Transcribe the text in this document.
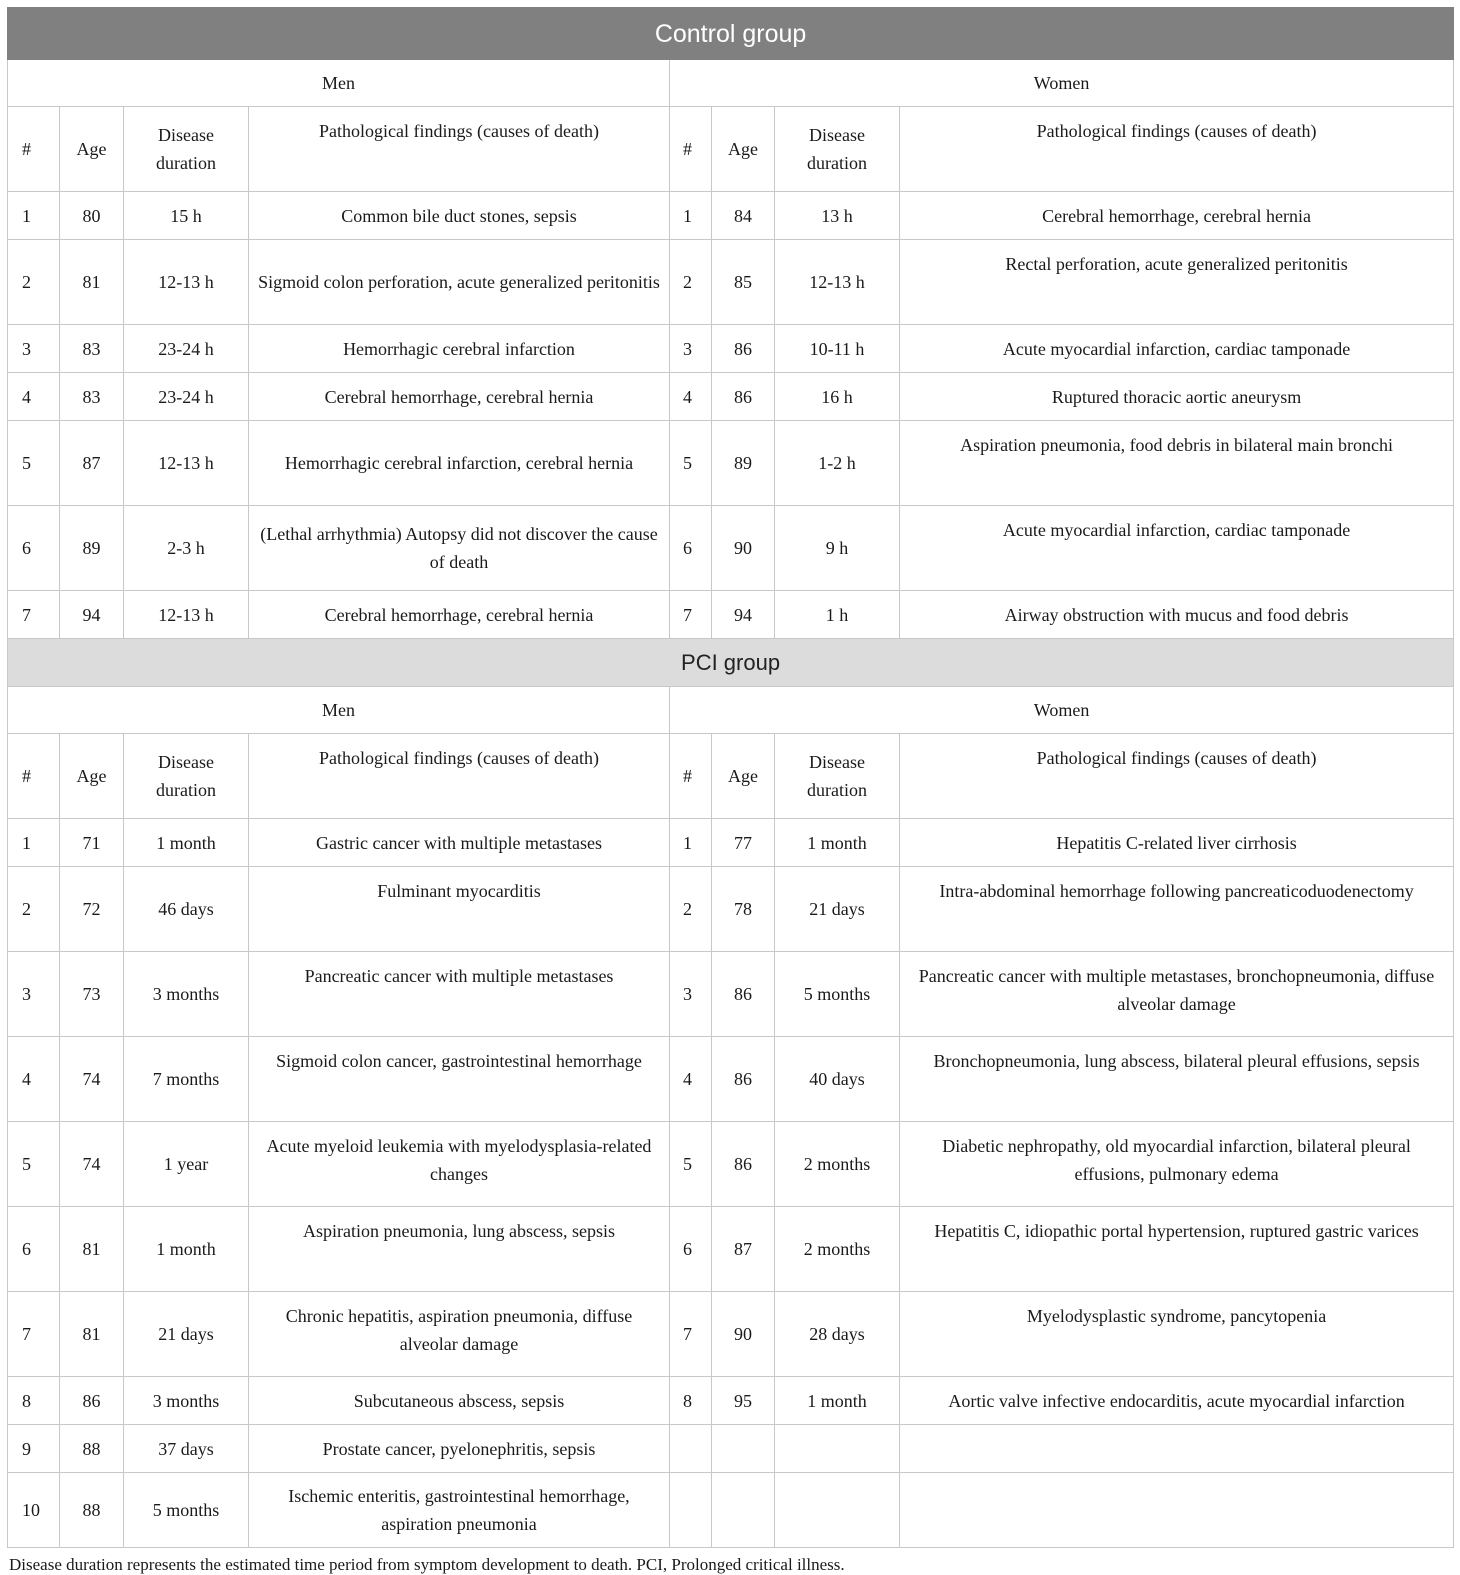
Control group							
Men				Women			
#	Age	Disease duration	Pathological findings (causes of death)	#	Age	Disease duration	Pathological findings (causes of death)
1	80	15 h	Common bile duct stones, sepsis	1	84	13 h	Cerebral hemorrhage, cerebral hernia
2	81	12-13 h	Sigmoid colon perforation, acute generalized peritonitis	2	85	12-13 h	Rectal perforation, acute generalized peritonitis
3	83	23-24 h	Hemorrhagic cerebral infarction	3	86	10-11 h	Acute myocardial infarction, cardiac tamponade
4	83	23-24 h	Cerebral hemorrhage, cerebral hernia	4	86	16 h	Ruptured thoracic aortic aneurysm
5	87	12-13 h	Hemorrhagic cerebral infarction, cerebral hernia	5	89	1-2 h	Aspiration pneumonia, food debris in bilateral main bronchi
6	89	2-3 h	(Lethal arrhythmia) Autopsy did not discover the cause of death	6	90	9 h	Acute myocardial infarction, cardiac tamponade
7	94	12-13 h	Cerebral hemorrhage, cerebral hernia	7	94	1 h	Airway obstruction with mucus and food debris
PCI group							
Men				Women			
#	Age	Disease duration	Pathological findings (causes of death)	#	Age	Disease duration	Pathological findings (causes of death)
1	71	1 month	Gastric cancer with multiple metastases	1	77	1 month	Hepatitis C-related liver cirrhosis
2	72	46 days	Fulminant myocarditis	2	78	21 days	Intra-abdominal hemorrhage following pancreaticoduodenectomy
3	73	3 months	Pancreatic cancer with multiple metastases	3	86	5 months	Pancreatic cancer with multiple metastases, bronchopneumonia, diffuse alveolar damage
4	74	7 months	Sigmoid colon cancer, gastrointestinal hemorrhage	4	86	40 days	Bronchopneumonia, lung abscess, bilateral pleural effusions, sepsis
5	74	1 year	Acute myeloid leukemia with myelodysplasia-related changes	5	86	2 months	Diabetic nephropathy, old myocardial infarction, bilateral pleural effusions, pulmonary edema
6	81	1 month	Aspiration pneumonia, lung abscess, sepsis	6	87	2 months	Hepatitis C, idiopathic portal hypertension, ruptured gastric varices
7	81	21 days	Chronic hepatitis, aspiration pneumonia, diffuse alveolar damage	7	90	28 days	Myelodysplastic syndrome, pancytopenia
8	86	3 months	Subcutaneous abscess, sepsis	8	95	1 month	Aortic valve infective endocarditis, acute myocardial infarction
9	88	37 days	Prostate cancer, pyelonephritis, sepsis				
10	88	5 months	Ischemic enteritis, gastrointestinal hemorrhage, aspiration pneumonia				
Disease duration represents the estimated time period from symptom development to death. PCI, Prolonged critical illness.
